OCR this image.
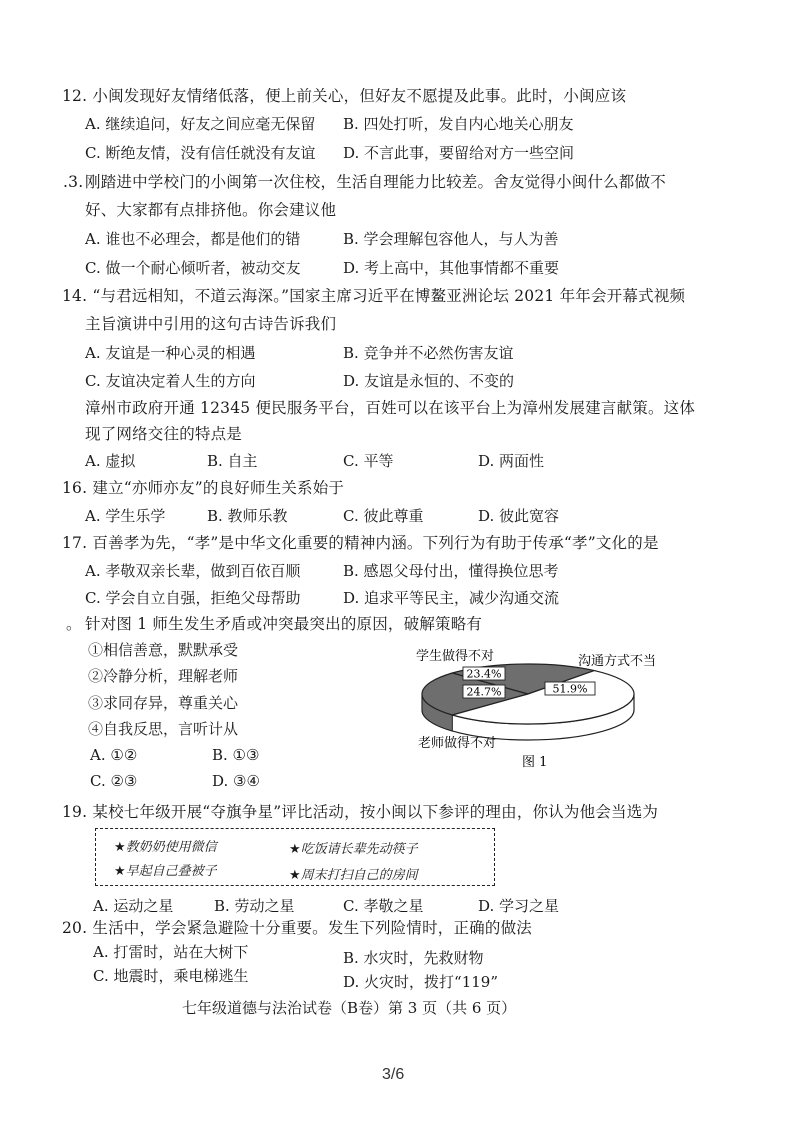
12. 小闽发现好友情绪低落，便上前关心，但好友不愿提及此事。此时，小闽应该
A. 继续追问，好友之间应毫无保留 B. 四处打听，发自内心地关心朋友
C. 断绝友情，没有信任就没有友谊 D. 不言此事，要留给对方一些空间
.3. 刚踏进中学校门的小闽第一次住校，生活自理能力比较差。舍友觉得小闽什么都做不
好、大家都有点排挤他。你会建议他
A. 谁也不必理会，都是他们的错	B. 学会理解包容他人，与人为善
C. 做一个耐心倾听者，被动交友	D. 考上高中，其他事情都不重要
14. “与君远相知，不道云海深。”国家主席习近平在博鳌亚洲论坛 2021 年年会开幕式视频
主旨演讲中引用的这句古诗告诉我们
A. 友谊是一种心灵的相遇	B. 竞争并不必然伤害友谊
C. 友谊决定着人生的方向	D. 友谊是永恒的、不变的
漳州市政府开通 12345 便民服务平台，百姓可以在该平台上为漳州发展建言献策。这体
现了网络交往的特点是
A. 虚拟	B. 自主	C. 平等	D. 两面性
16. 建立“亦师亦友”的良好师生关系始于
A. 学生乐学	B. 教师乐教	C. 彼此尊重	D. 彼此宽容
17. 百善孝为先，“孝”是中华文化重要的精神内涵。下列行为有助于传承“孝”文化的是
A. 孝敬双亲长辈，做到百依百顺	B. 感恩父母付出，懂得换位思考
C. 学会自立自强，拒绝父母帮助	D. 追求平等民主，减少沟通交流
。 针对图 1 师生发生矛盾或冲突最突出的原因，破解策略有
①相信善意，默默承受
②冷静分析，理解老师
③求同存异，尊重关心
④自我反思，言听计从
A. ①②	B. ①③
C. ②③	D. ③④
23.4%
24.7%	51.9%
学生做得不对
老师做得不对
沟通方式不当
图 1
19. 某校七年级开展“夺旗争星”评比活动，按小闽以下参评的理由，你认为他会当选为
★教奶奶使用微信	★吃饭请长辈先动筷子
★早起自己叠被子	★周末打扫自己的房间
A. 运动之星	B. 劳动之星	C. 孝敬之星	D. 学习之星
20. 生活中，学会紧急避险十分重要。发生下列险情时，正确的做法
A. 打雷时，站在大树下	B. 水灾时，先救财物
C. 地震时，乘电梯逃生	D. 火灾时，拨打“119”
七年级道德与法治试卷（B卷）第 3 页（共 6 页）
3/6
